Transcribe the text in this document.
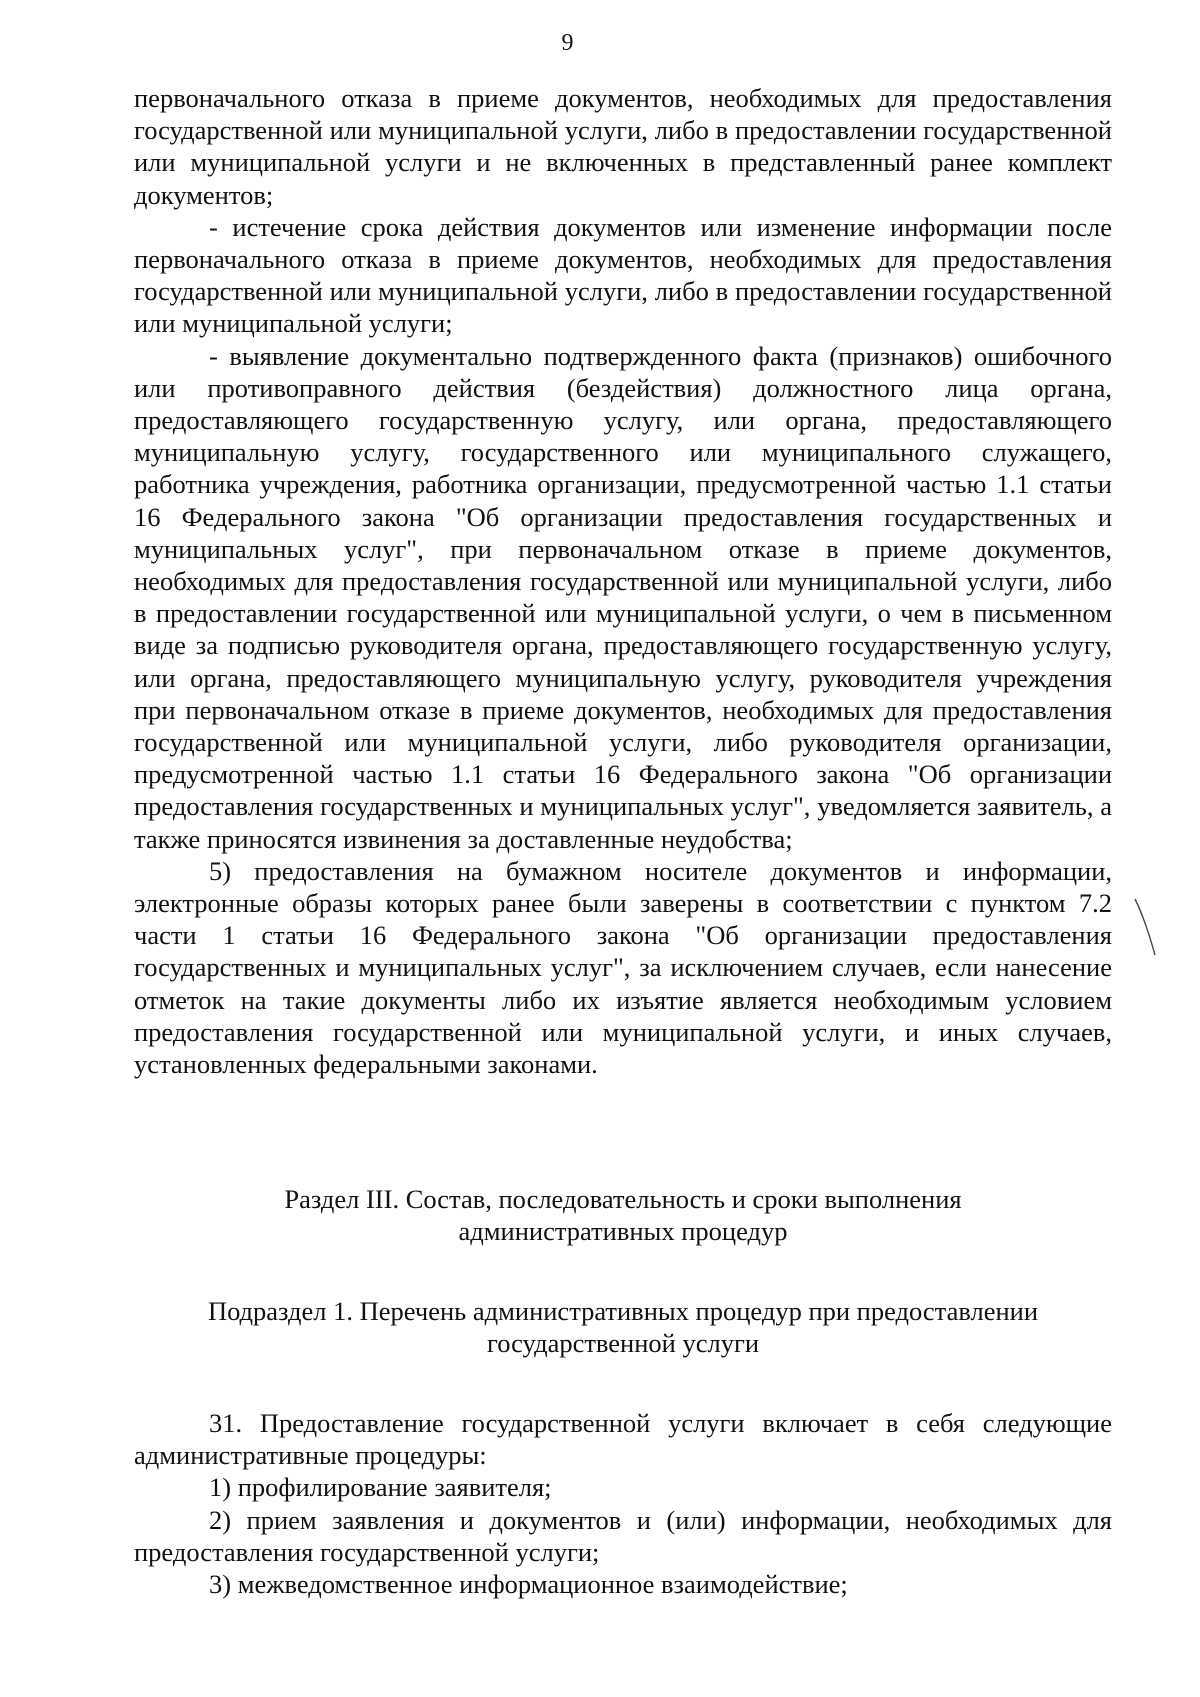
9

первоначального отказа в приеме документов, необходимых для предоставления государственной или муниципальной услуги, либо в предоставлении государственной или муниципальной услуги и не включенных в представленный ранее комплект документов;

- истечение срока действия документов или изменение информации после первоначального отказа в приеме документов, необходимых для предоставления государственной или муниципальной услуги, либо в предоставлении государственной или муниципальной услуги;

- выявление документально подтвержденного факта (признаков) ошибочного или противоправного действия (бездействия) должностного лица органа, предоставляющего государственную услугу, или органа, предоставляющего муниципальную услугу, государственного или муниципального служащего, работника учреждения, работника организации, предусмотренной частью 1.1 статьи 16 Федерального закона "Об организации предоставления государственных и муниципальных услуг", при первоначальном отказе в приеме документов, необходимых для предоставления государственной или муниципальной услуги, либо в предоставлении государственной или муниципальной услуги, о чем в письменном виде за подписью руководителя органа, предоставляющего государственную услугу, или органа, предоставляющего муниципальную услугу, руководителя учреждения при первоначальном отказе в приеме документов, необходимых для предоставления государственной или муниципальной услуги, либо руководителя организации, предусмотренной частью 1.1 статьи 16 Федерального закона "Об организации предоставления государственных и муниципальных услуг", уведомляется заявитель, а также приносятся извинения за доставленные неудобства;

5) предоставления на бумажном носителе документов и информации, электронные образы которых ранее были заверены в соответствии с пунктом 7.2 части 1 статьи 16 Федерального закона "Об организации предоставления государственных и муниципальных услуг", за исключением случаев, если нанесение отметок на такие документы либо их изъятие является необходимым условием предоставления государственной или муниципальной услуги, и иных случаев, установленных федеральными законами.

Раздел III. Состав, последовательность и сроки выполнения
административных процедур
Подраздел 1. Перечень административных процедур при предоставлении
государственной услуги

31. Предоставление государственной услуги включает в себя следующие административные процедуры:

1) профилирование заявителя;

2) прием заявления и документов и (или) информации, необходимых для предоставления государственной услуги;

3) межведомственное информационное взаимодействие;
